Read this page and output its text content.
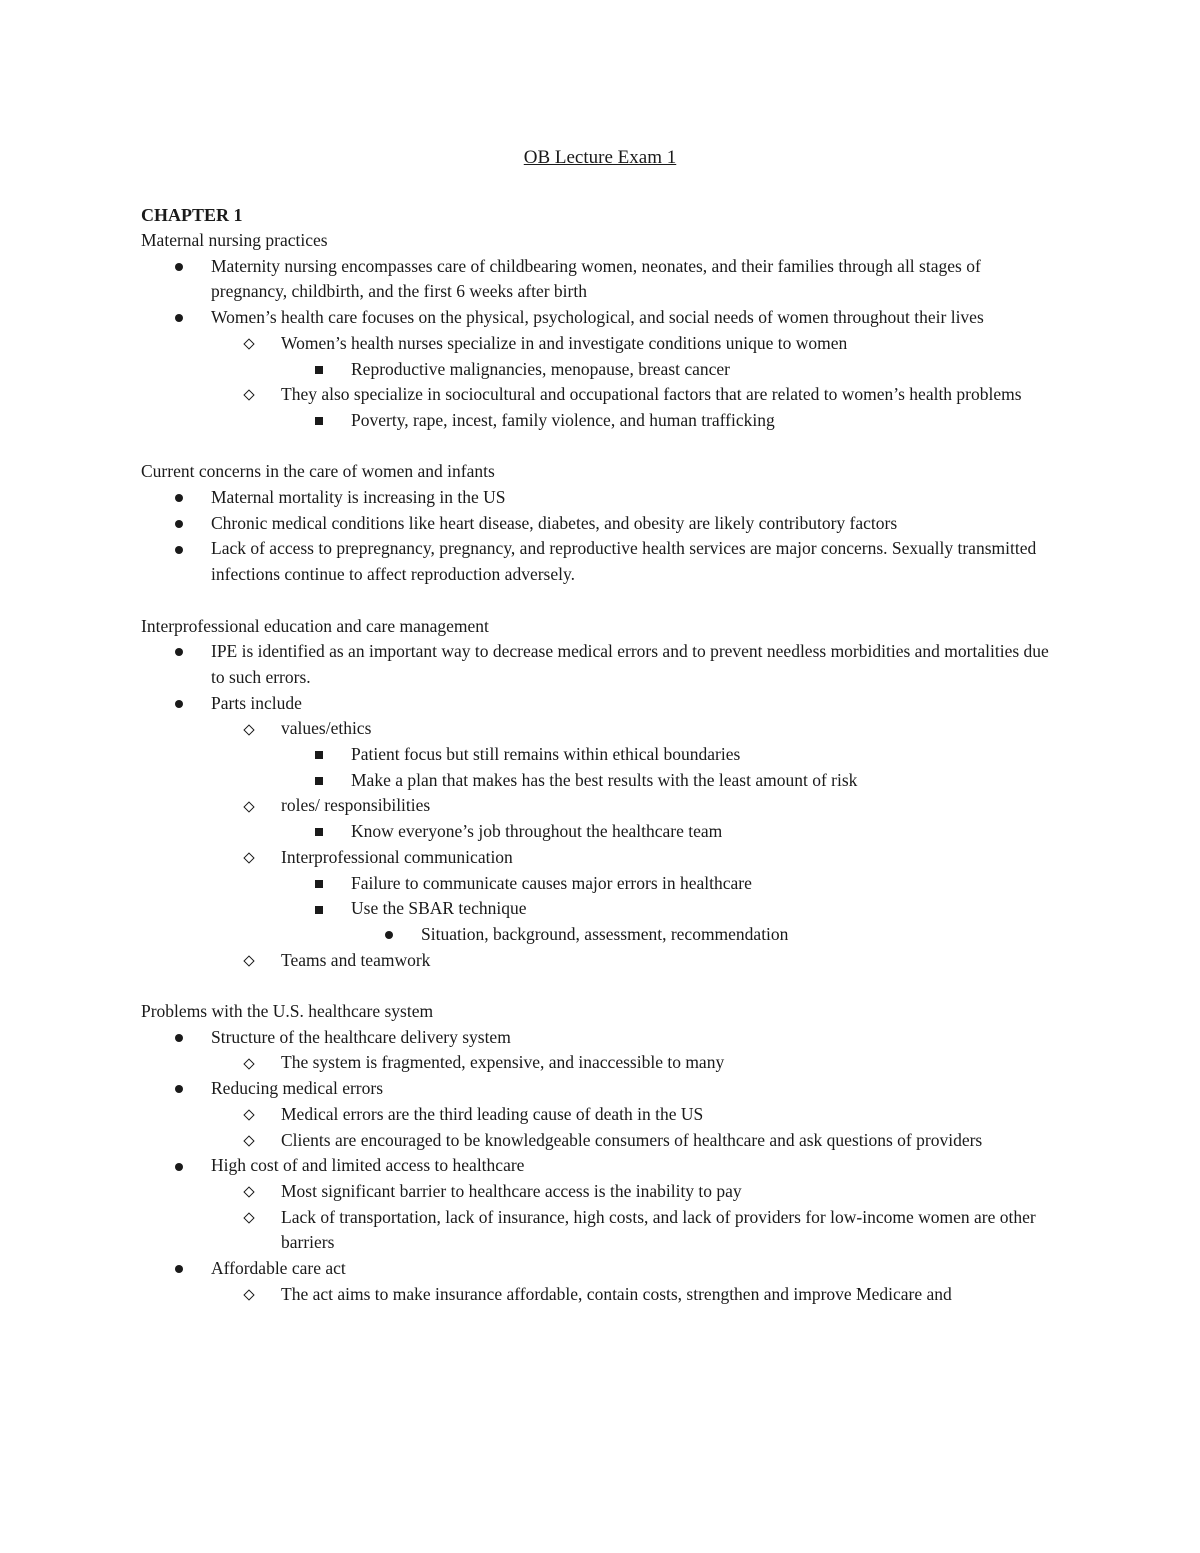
OB Lecture Exam 1
CHAPTER 1
Maternal nursing practices
Maternity nursing encompasses care of childbearing women, neonates, and their families through all stages of pregnancy, childbirth, and the first 6 weeks after birth
Women’s health care focuses on the physical, psychological, and social needs of women throughout their lives
Women’s health nurses specialize in and investigate conditions unique to women
Reproductive malignancies, menopause, breast cancer
They also specialize in sociocultural and occupational factors that are related to women’s health problems
Poverty, rape, incest, family violence, and human trafficking
Current concerns in the care of women and infants
Maternal mortality is increasing in the US
Chronic medical conditions like heart disease, diabetes, and obesity are likely contributory factors
Lack of access to prepregnancy, pregnancy, and reproductive health services are major concerns. Sexually transmitted infections continue to affect reproduction adversely.
Interprofessional education and care management
IPE is identified as an important way to decrease medical errors and to prevent needless morbidities and mortalities due to such errors.
Parts include
values/ethics
Patient focus but still remains within ethical boundaries
Make a plan that makes has the best results with the least amount of risk
roles/ responsibilities
Know everyone’s job throughout the healthcare team
Interprofessional communication
Failure to communicate causes major errors in healthcare
Use the SBAR technique
Situation, background, assessment, recommendation
Teams and teamwork
Problems with the U.S. healthcare system
Structure of the healthcare delivery system
The system is fragmented, expensive, and inaccessible to many
Reducing medical errors
Medical errors are the third leading cause of death in the US
Clients are encouraged to be knowledgeable consumers of healthcare and ask questions of providers
High cost of and limited access to healthcare
Most significant barrier to healthcare access is the inability to pay
Lack of transportation, lack of insurance, high costs, and lack of providers for low-income women are other barriers
Affordable care act
The act aims to make insurance affordable, contain costs, strengthen and improve Medicare and
